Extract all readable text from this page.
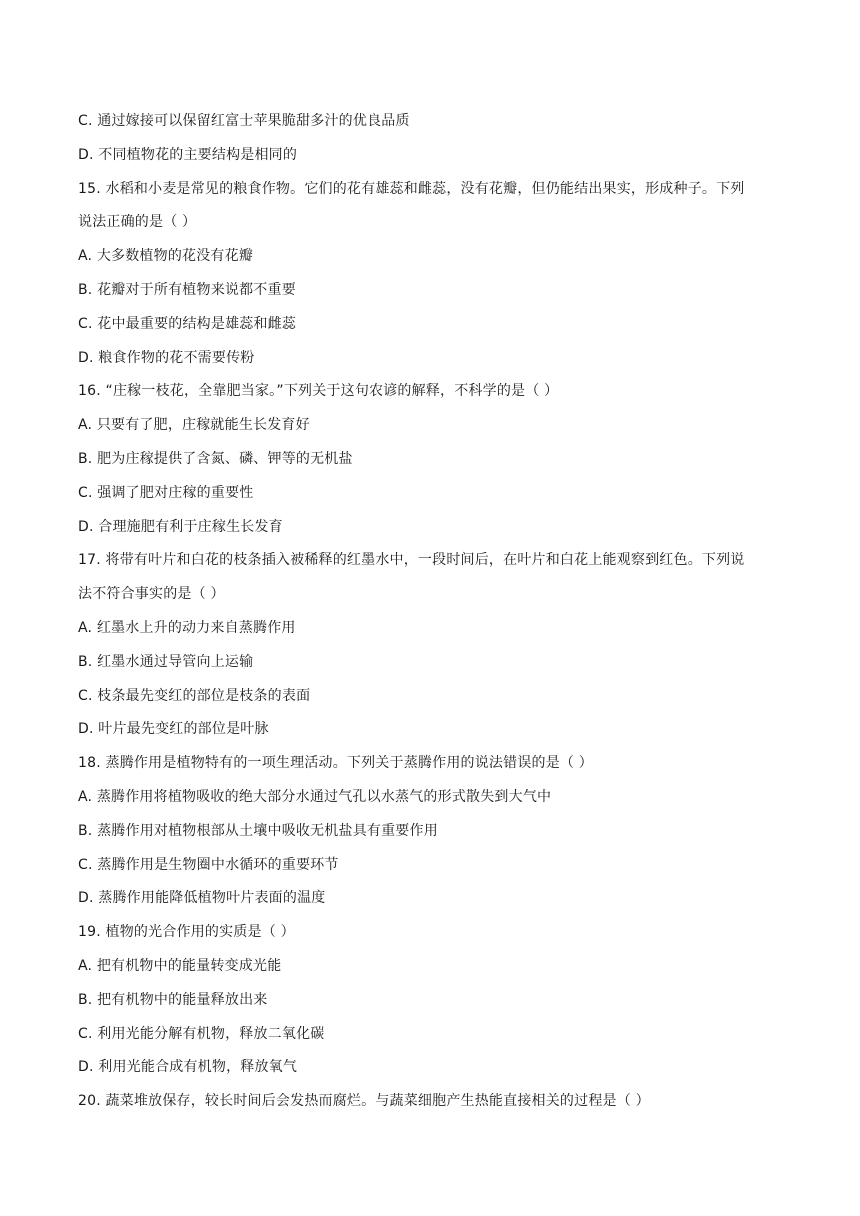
C. 通过嫁接可以保留红富士苹果脆甜多汁的优良品质
D. 不同植物花的主要结构是相同的
15. 水稻和小麦是常见的粮食作物。它们的花有雄蕊和雌蕊，没有花瓣，但仍能结出果实，形成种子。下列
说法正确的是（ ）
A. 大多数植物的花没有花瓣
B. 花瓣对于所有植物来说都不重要
C. 花中最重要的结构是雄蕊和雌蕊
D. 粮食作物的花不需要传粉
16. “庄稼一枝花，全靠肥当家。”下列关于这句农谚的解释，不科学的是（ ）
A. 只要有了肥，庄稼就能生长发育好
B. 肥为庄稼提供了含氮、磷、钾等的无机盐
C. 强调了肥对庄稼的重要性
D. 合理施肥有利于庄稼生长发育
17. 将带有叶片和白花的枝条插入被稀释的红墨水中，一段时间后，在叶片和白花上能观察到红色。下列说
法不符合事实的是（ ）
A. 红墨水上升的动力来自蒸腾作用
B. 红墨水通过导管向上运输
C. 枝条最先变红的部位是枝条的表面
D. 叶片最先变红的部位是叶脉
18. 蒸腾作用是植物特有的一项生理活动。下列关于蒸腾作用的说法错误的是（ ）
A. 蒸腾作用将植物吸收的绝大部分水通过气孔以水蒸气的形式散失到大气中
B. 蒸腾作用对植物根部从土壤中吸收无机盐具有重要作用
C. 蒸腾作用是生物圈中水循环的重要环节
D. 蒸腾作用能降低植物叶片表面的温度
19. 植物的光合作用的实质是（ ）
A. 把有机物中的能量转变成光能
B. 把有机物中的能量释放出来
C. 利用光能分解有机物，释放二氧化碳
D. 利用光能合成有机物，释放氧气
20. 蔬菜堆放保存，较长时间后会发热而腐烂。与蔬菜细胞产生热能直接相关的过程是（ ）
